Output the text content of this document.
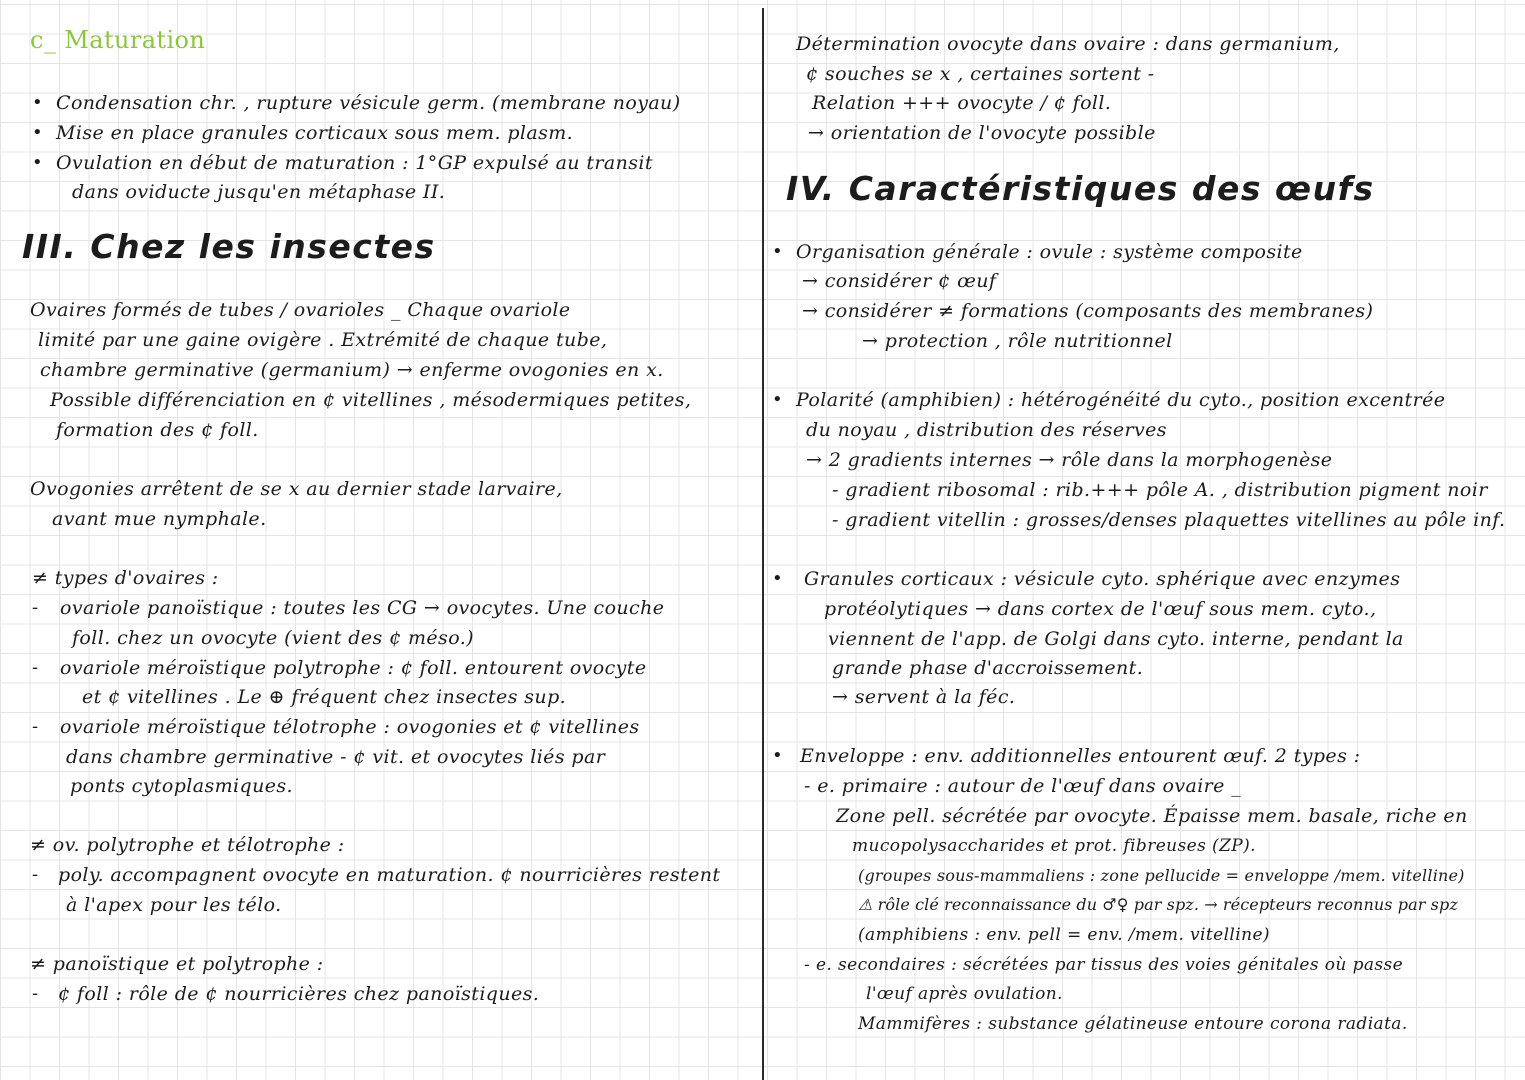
c_ Maturation
• Condensation chr. , rupture vésicule germ. (membrane noyau)
• Mise en place granules corticaux sous mem. plasm.
• Ovulation en début de maturation : 1°GP expulsé au transit
dans oviducte jusqu'en métaphase II.
III. Chez les insectes
Ovaires formés de tubes / ovarioles _ Chaque ovariole
limité par une gaine ovigère . Extrémité de chaque tube,
chambre germinative (germanium) → enferme ovogonies en x.
Possible différenciation en ¢ vitellines , mésodermiques petites,
formation des ¢ foll.
Ovogonies arrêtent de se x au dernier stade larvaire,
avant mue nymphale.
≠ types d'ovaires :
- ovariole panoïstique : toutes les CG → ovocytes. Une couche
foll. chez un ovocyte (vient des ¢ méso.)
- ovariole méroïstique polytrophe : ¢ foll. entourent ovocyte
et ¢ vitellines . Le ⊕ fréquent chez insectes sup.
- ovariole méroïstique télotrophe : ovogonies et ¢ vitellines
dans chambre germinative - ¢ vit. et ovocytes liés par
ponts cytoplasmiques.
≠ ov. polytrophe et télotrophe :
- poly. accompagnent ovocyte en maturation. ¢ nourricières restent
à l'apex pour les télo.
≠ panoïstique et polytrophe :
- ¢ foll : rôle de ¢ nourricières chez panoïstiques.
Détermination ovocyte dans ovaire : dans germanium,
¢ souches se x , certaines sortent -
Relation +++ ovocyte / ¢ foll.
→ orientation de l'ovocyte possible
IV. Caractéristiques des œufs
• Organisation générale : ovule : système composite
→ considérer ¢ œuf
→ considérer ≠ formations (composants des membranes)
→ protection , rôle nutritionnel
• Polarité (amphibien) : hétérogénéité du cyto., position excentrée
du noyau , distribution des réserves
→ 2 gradients internes → rôle dans la morphogenèse
- gradient ribosomal : rib.+++ pôle A. , distribution pigment noir
- gradient vitellin : grosses/denses plaquettes vitellines au pôle inf.
• Granules corticaux : vésicule cyto. sphérique avec enzymes
protéolytiques → dans cortex de l'œuf sous mem. cyto.,
viennent de l'app. de Golgi dans cyto. interne, pendant la
grande phase d'accroissement.
→ servent à la féc.
• Enveloppe : env. additionnelles entourent œuf. 2 types :
- e. primaire : autour de l'œuf dans ovaire _
Zone pell. sécrétée par ovocyte. Épaisse mem. basale, riche en
mucopolysaccharides et prot. fibreuses (ZP).
(groupes sous-mammaliens : zone pellucide = enveloppe /mem. vitelline)
⚠ rôle clé reconnaissance du ♂♀ par spz. → récepteurs reconnus par spz
(amphibiens : env. pell = env. /mem. vitelline)
- e. secondaires : sécrétées par tissus des voies génitales où passe
l'œuf après ovulation.
Mammifères : substance gélatineuse entoure corona radiata.
